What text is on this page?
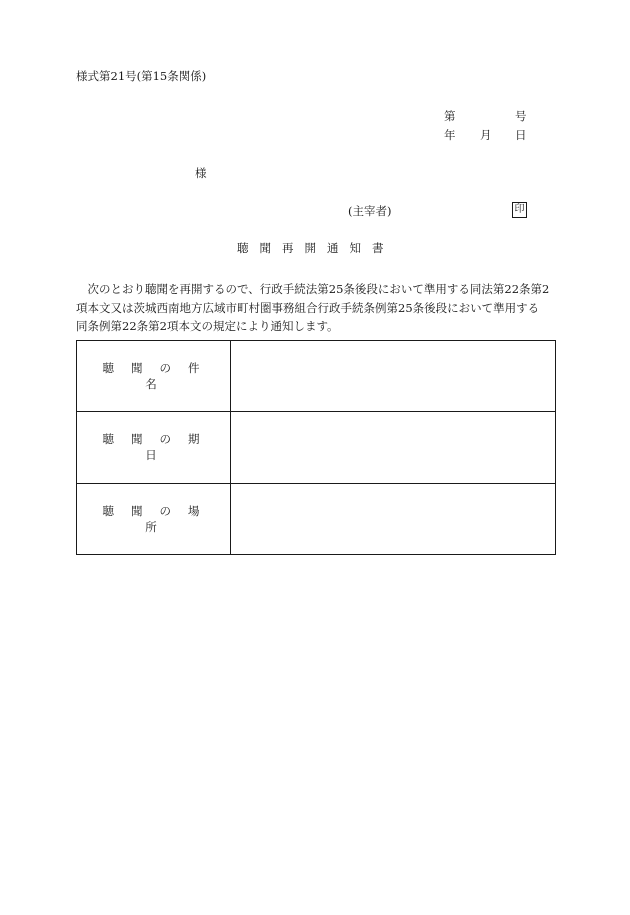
様式第21号(第15条関係)
第	号
年 月 日
様
(主宰者)	印
聴聞再開通知書

　次のとおり聴聞を再開するので、行政手続法第25条後段において準用する同法第22条第2

項本文又は茨城西南地方広域市町村圏事務組合行政手続条例第25条後段において準用する

同条例第22条第2項本文の規定により通知します。

聴聞の件名	
聴聞の期日	
聴聞の場所	
